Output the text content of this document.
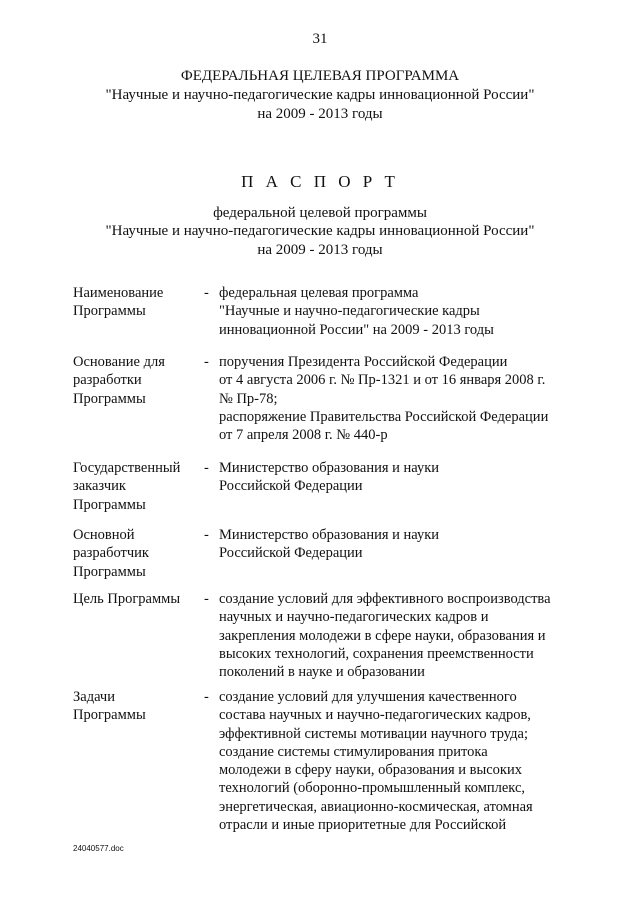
31
ФЕДЕРАЛЬНАЯ ЦЕЛЕВАЯ ПРОГРАММА
"Научные и научно-педагогические кадры инновационной России"
на 2009 - 2013 годы
П А С П О Р Т
федеральной целевой программы
"Научные и научно-педагогические кадры инновационной России"
на 2009 - 2013 годы
Наименование
Программы
- федеральная целевая программа
"Научные и научно-педагогические кадры
инновационной России" на 2009 - 2013 годы
Основание для
разработки
Программы
- поручения Президента Российской Федерации
от 4 августа 2006 г. № Пр-1321 и от 16 января 2008 г.
№ Пр-78;
распоряжение Правительства Российской Федерации
от 7 апреля 2008 г. № 440-р
Государственный
заказчик
Программы
- Министерство образования и науки
Российской Федерации
Основной
разработчик
Программы
- Министерство образования и науки
Российской Федерации
Цель Программы	- создание условий для эффективного воспроизводства
научных и научно-педагогических кадров и
закрепления молодежи в сфере науки, образования и
высоких технологий, сохранения преемственности
поколений в науке и образовании
Задачи
Программы
- создание условий для улучшения качественного
состава научных и научно-педагогических кадров,
эффективной системы мотивации научного труда;
создание системы стимулирования притока
молодежи в сферу науки, образования и высоких
технологий (оборонно-промышленный комплекс,
энергетическая, авиационно-космическая, атомная
отрасли и иные приоритетные для Российской
24040577.doc
